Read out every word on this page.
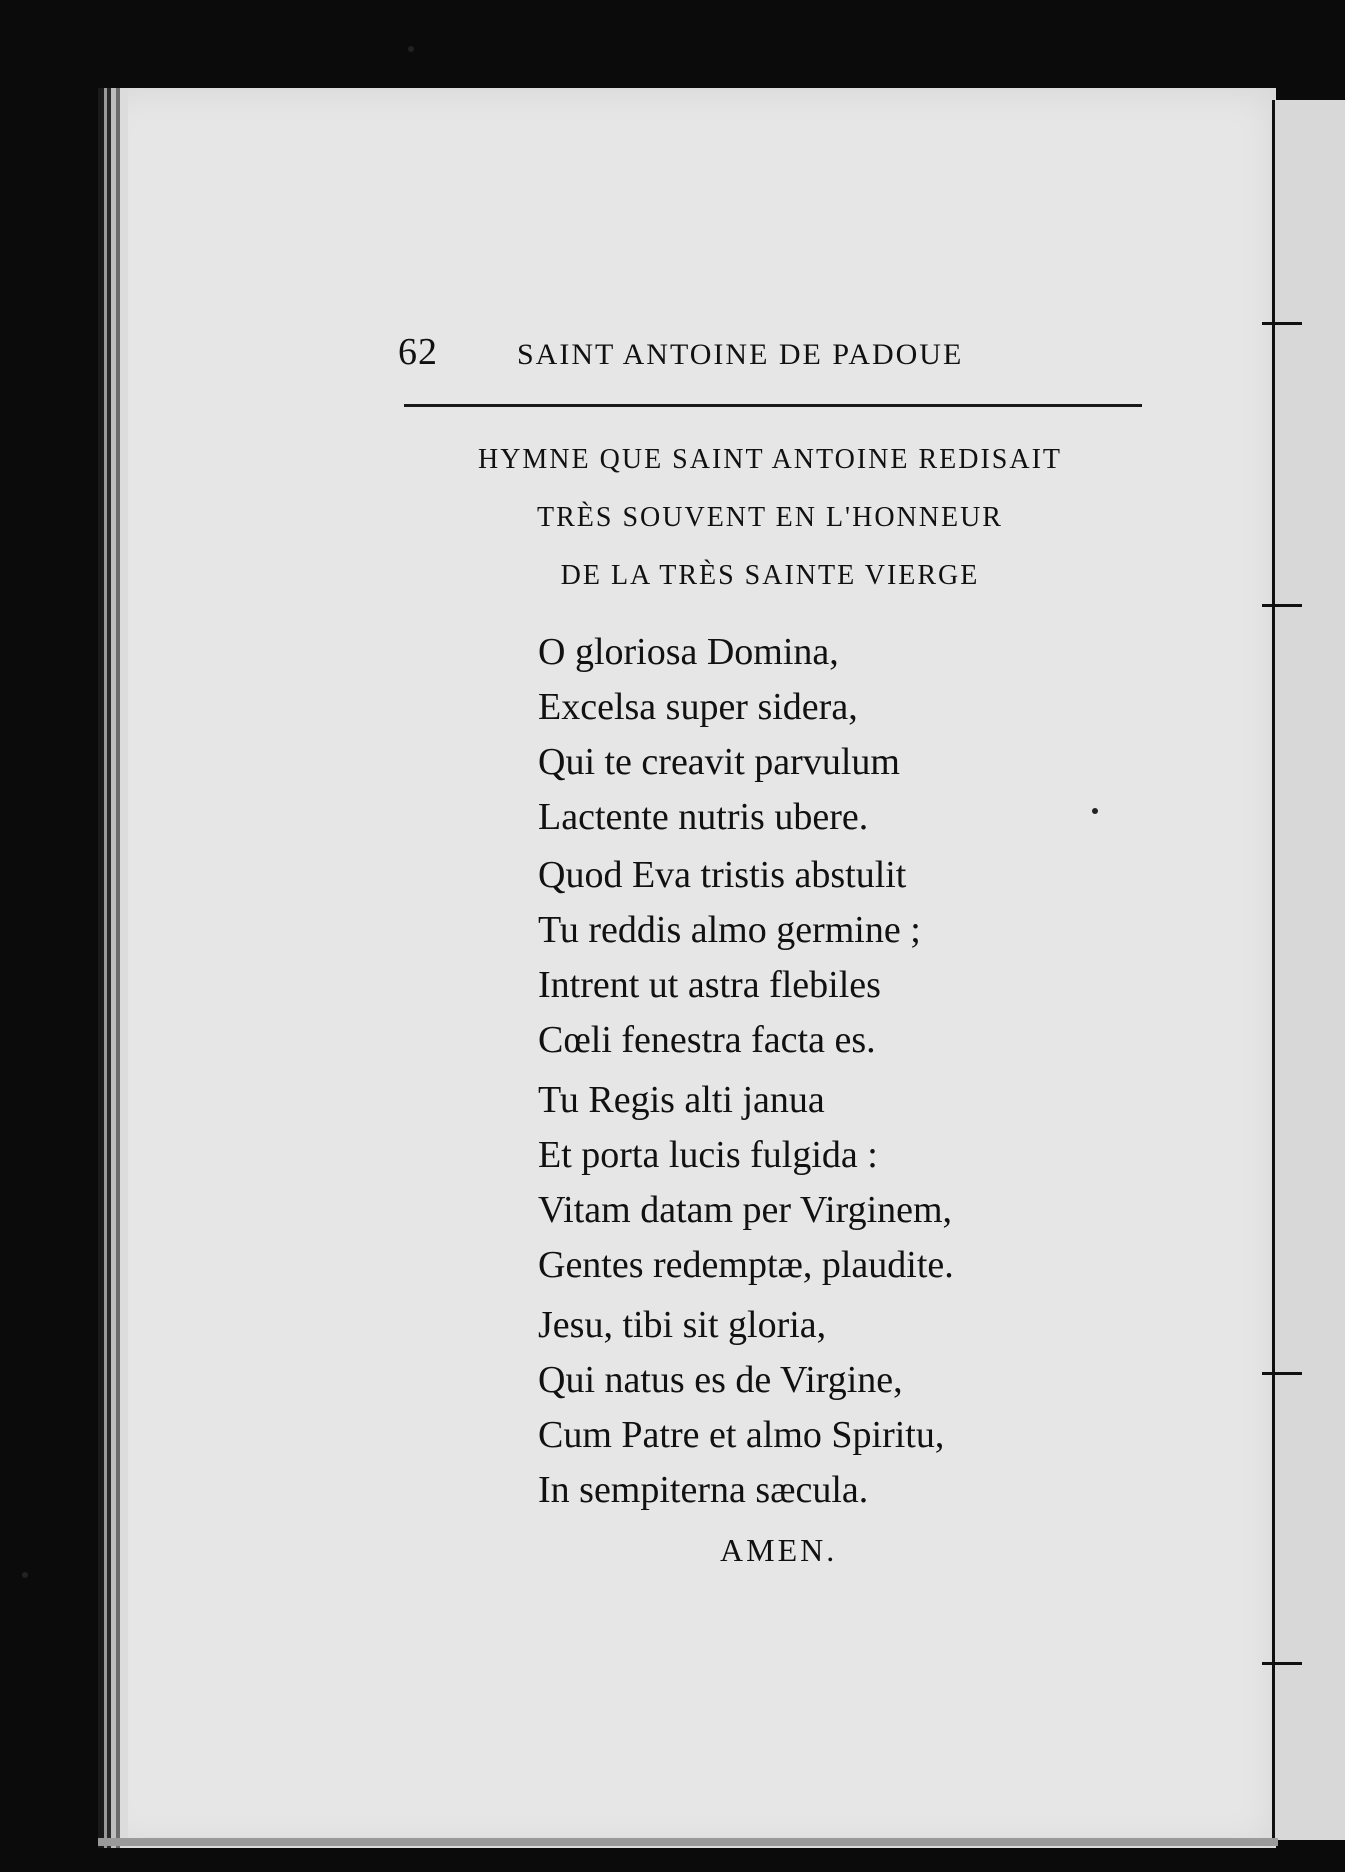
62	SAINT ANTOINE DE PADOUE
HYMNE QUE SAINT ANTOINE REDISAIT
TRÈS SOUVENT EN L'HONNEUR
DE LA TRÈS SAINTE VIERGE
O gloriosa Domina,
Excelsa super sidera,
Qui te creavit parvulum
Lactente nutris ubere.
Quod Eva tristis abstulit
Tu reddis almo germine ;
Intrent ut astra flebiles
Cœli fenestra facta es.
Tu Regis alti janua
Et porta lucis fulgida :
Vitam datam per Virginem,
Gentes redemptæ, plaudite.
Jesu, tibi sit gloria,
Qui natus es de Virgine,
Cum Patre et almo Spiritu,
In sempiterna sæcula.
AMEN.
